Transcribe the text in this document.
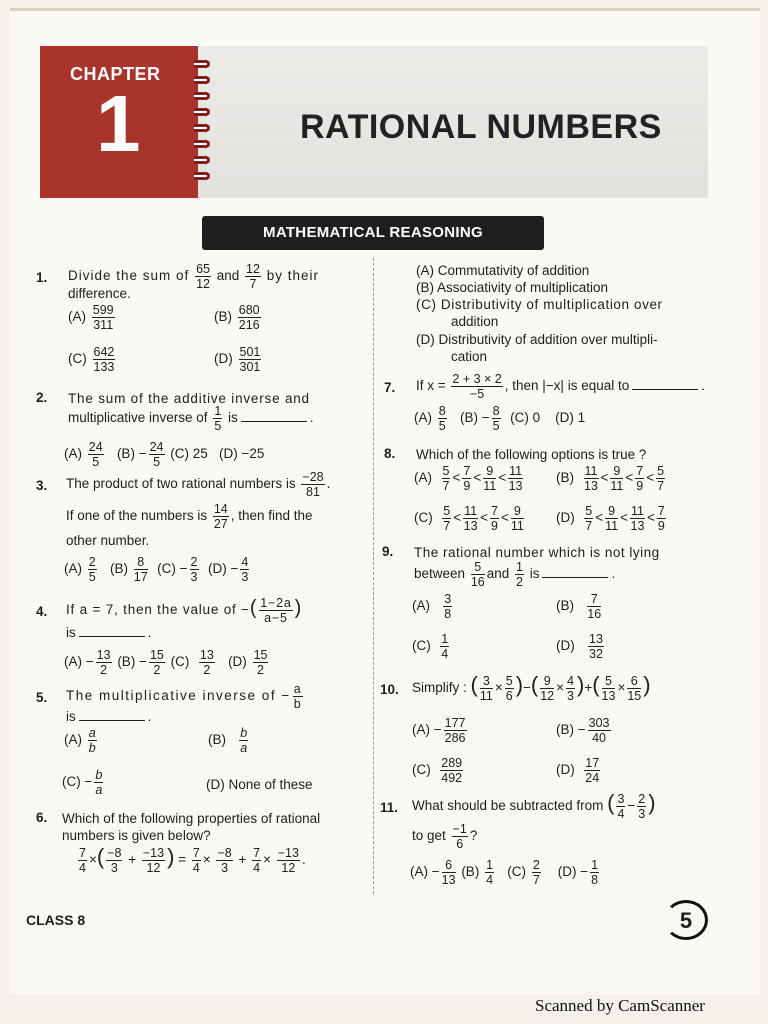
CHAPTER
1	RATIONAL NUMBERS
MATHEMATICAL REASONING
1. Divide the sum of $\frac{65}{12}$ and $\frac{12}{7}$ by their
difference.
$(A) \frac{599}{311}$	$(B) \frac{680}{216}$
$(C) \frac{642}{133}$	$(D) \frac{501}{301}$
2. The sum of the additive inverse and
multiplicative inverse of $\frac{1}{5}$ is	.
$(A) \frac{24}{5} (B) - \frac{24}{5} (C)$ 25 (D) −25
3. The product of two rational numbers is $\frac{-28}{81}$ .
If one of the numbers is $\frac{14}{27}$ , then find the
other number.
$(A) \frac{2}{5} (B) \frac{8}{17} (C) - \frac{2}{3} (D) - \frac{4}{3}$
4. If a = 7, then the value of −( $\frac{1-2a}{a-5}$ )
is	.
$(A) - \frac{13}{2} (B) - \frac{15}{2} (C) \frac{13}{2} (D) \frac{15}{2}$
5. The multiplicative inverse of − $\frac{a}{b}$
is	.
$(A) \frac{a}{b}$	$(B) \frac{b}{a}$
$(C) - \frac{b}{a}$	(D) None of these
6. Which of the following properties of rational
numbers is given below?
$\frac{7}{4}$ ×( $\frac{-8}{3} + \frac{-13}{12}$ ) = $\frac{7}{4} \times \frac{-8}{3} + \frac{7}{4} \times \frac{-13}{12}$ .
(A) Commutativity of addition
(B) Associativity of multiplication
(C) Distributivity of multiplication over
addition
(D) Distributivity of addition over multipli-
cation
7. If $x = \frac{2 + 3 \times 2}{-5}$ , then |−x| is equal to	.
$(A) \frac{8}{5} (B) - \frac{8}{5} (C)$ 0 (D) 1
8. Which of the following options is true ?
$(A) \frac{5}{7} < \frac{7}{9} < \frac{9}{11} < \frac{11}{13} (B) \frac{11}{13} < \frac{9}{11} < \frac{7}{9} < \frac{5}{7}$
$(C) \frac{5}{7} < \frac{11}{13} < \frac{7}{9} < \frac{9}{11} (D) \frac{5}{7} < \frac{9}{11} < \frac{11}{13} < \frac{7}{9}$
9. The rational number which is not lying
between $\frac{5}{16}$ and $\frac{1}{2}$ is	.
$(A) \frac{3}{8}$	$(B) \frac{7}{16}$
$(C) \frac{1}{4}$	$(D) \frac{13}{32}$
10. Simplify : ( $\frac{3}{11} \times \frac{5}{6}$ )−( $\frac{9}{12} \times \frac{4}{3}$ )+( $\frac{5}{13} \times \frac{6}{15}$ )
$(A) - \frac{177}{286}$	$(B) - \frac{303}{40}$
$(C) \frac{289}{492}$	$(D) \frac{17}{24}$
11. What should be subtracted from ( $\frac{3}{4} - \frac{2}{3}$ )
to get $\frac{-1}{6}$ ?
$(A) - \frac{6}{13} (B) \frac{1}{4} (C) \frac{2}{7} (D) - \frac{1}{8}$
CLASS 8	5
Scanned by CamScanner
